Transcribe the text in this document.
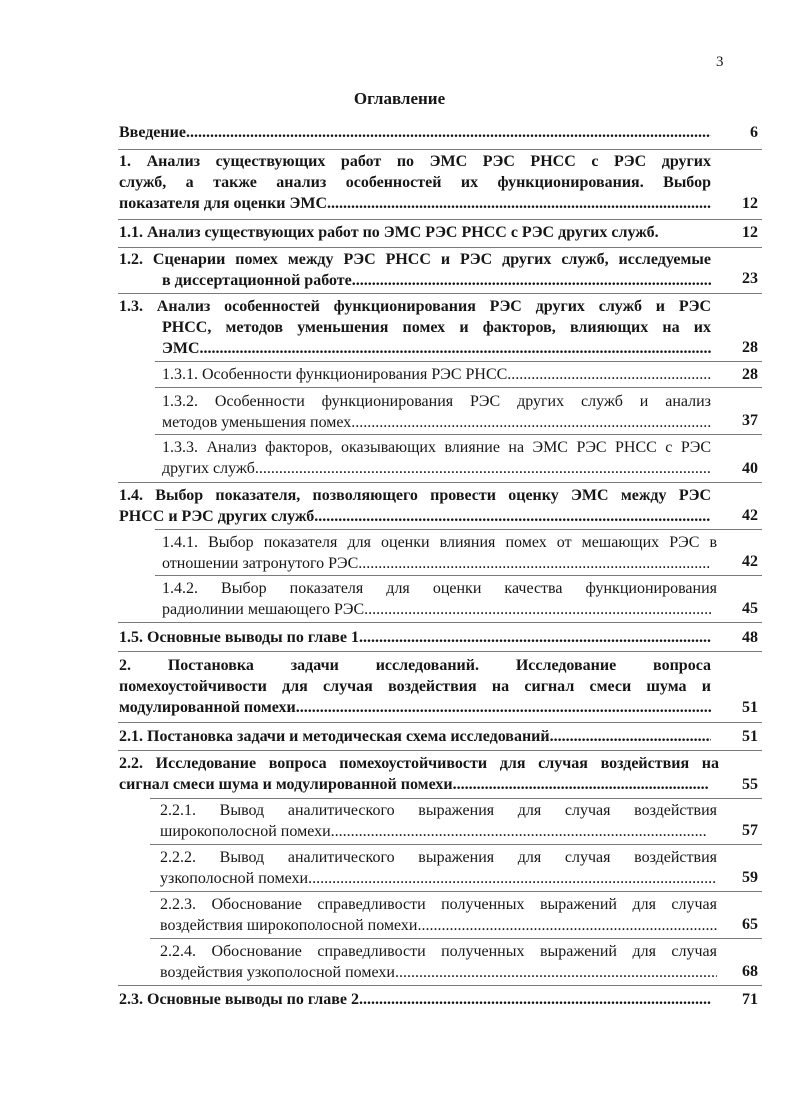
3
Оглавление
Введение .....	6
1. Анализ существующих работ по ЭМС РЭС РНСС с РЭС других
служб, а также анализ особенностей их функционирования. Выбор
показателя для оценки ЭМС .....	12
1.1. Анализ существующих работ по ЭМС РЭС РНСС с РЭС других служб.	12
1.2. Сценарии помех между РЭС РНСС и РЭС других служб, исследуемые
в диссертационной работе .....	23
1.3. Анализ особенностей функционирования РЭС других служб и РЭС
РНСС, методов уменьшения помех и факторов, влияющих на их
ЭМС .....	28
1.3.1. Особенности функционирования РЭС РНСС .....	28
1.3.2. Особенности функционирования РЭС других служб и анализ
методов уменьшения помех .....	37
1.3.3. Анализ факторов, оказывающих влияние на ЭМС РЭС РНСС с РЭС
других служб .....	40
1.4. Выбор показателя, позволяющего провести оценку ЭМС между РЭС
РНСС и РЭС других служб .....	42
1.4.1. Выбор показателя для оценки влияния помех от мешающих РЭС в
отношении затронутого РЭС .....	42
1.4.2. Выбор показателя для оценки качества функционирования
радиолинии мешающего РЭС .....	45
1.5. Основные выводы по главе 1 .....	48
2. Постановка задачи исследований. Исследование вопроса
помехоустойчивости для случая воздействия на сигнал смеси шума и
модулированной помехи .....	51
2.1. Постановка задачи и методическая схема исследований .....	51
2.2. Исследование вопроса помехоустойчивости для случая воздействия на
сигнал смеси шума и модулированной помехи .....	55
2.2.1. Вывод аналитического выражения для случая воздействия
широкополосной помехи .....	57
2.2.2. Вывод аналитического выражения для случая воздействия
узкополосной помехи .....	59
2.2.3. Обоснование справедливости полученных выражений для случая
воздействия широкополосной помехи .....	65
2.2.4. Обоснование справедливости полученных выражений для случая
воздействия узкополосной помехи .....	68
2.3. Основные выводы по главе 2 .....	71
